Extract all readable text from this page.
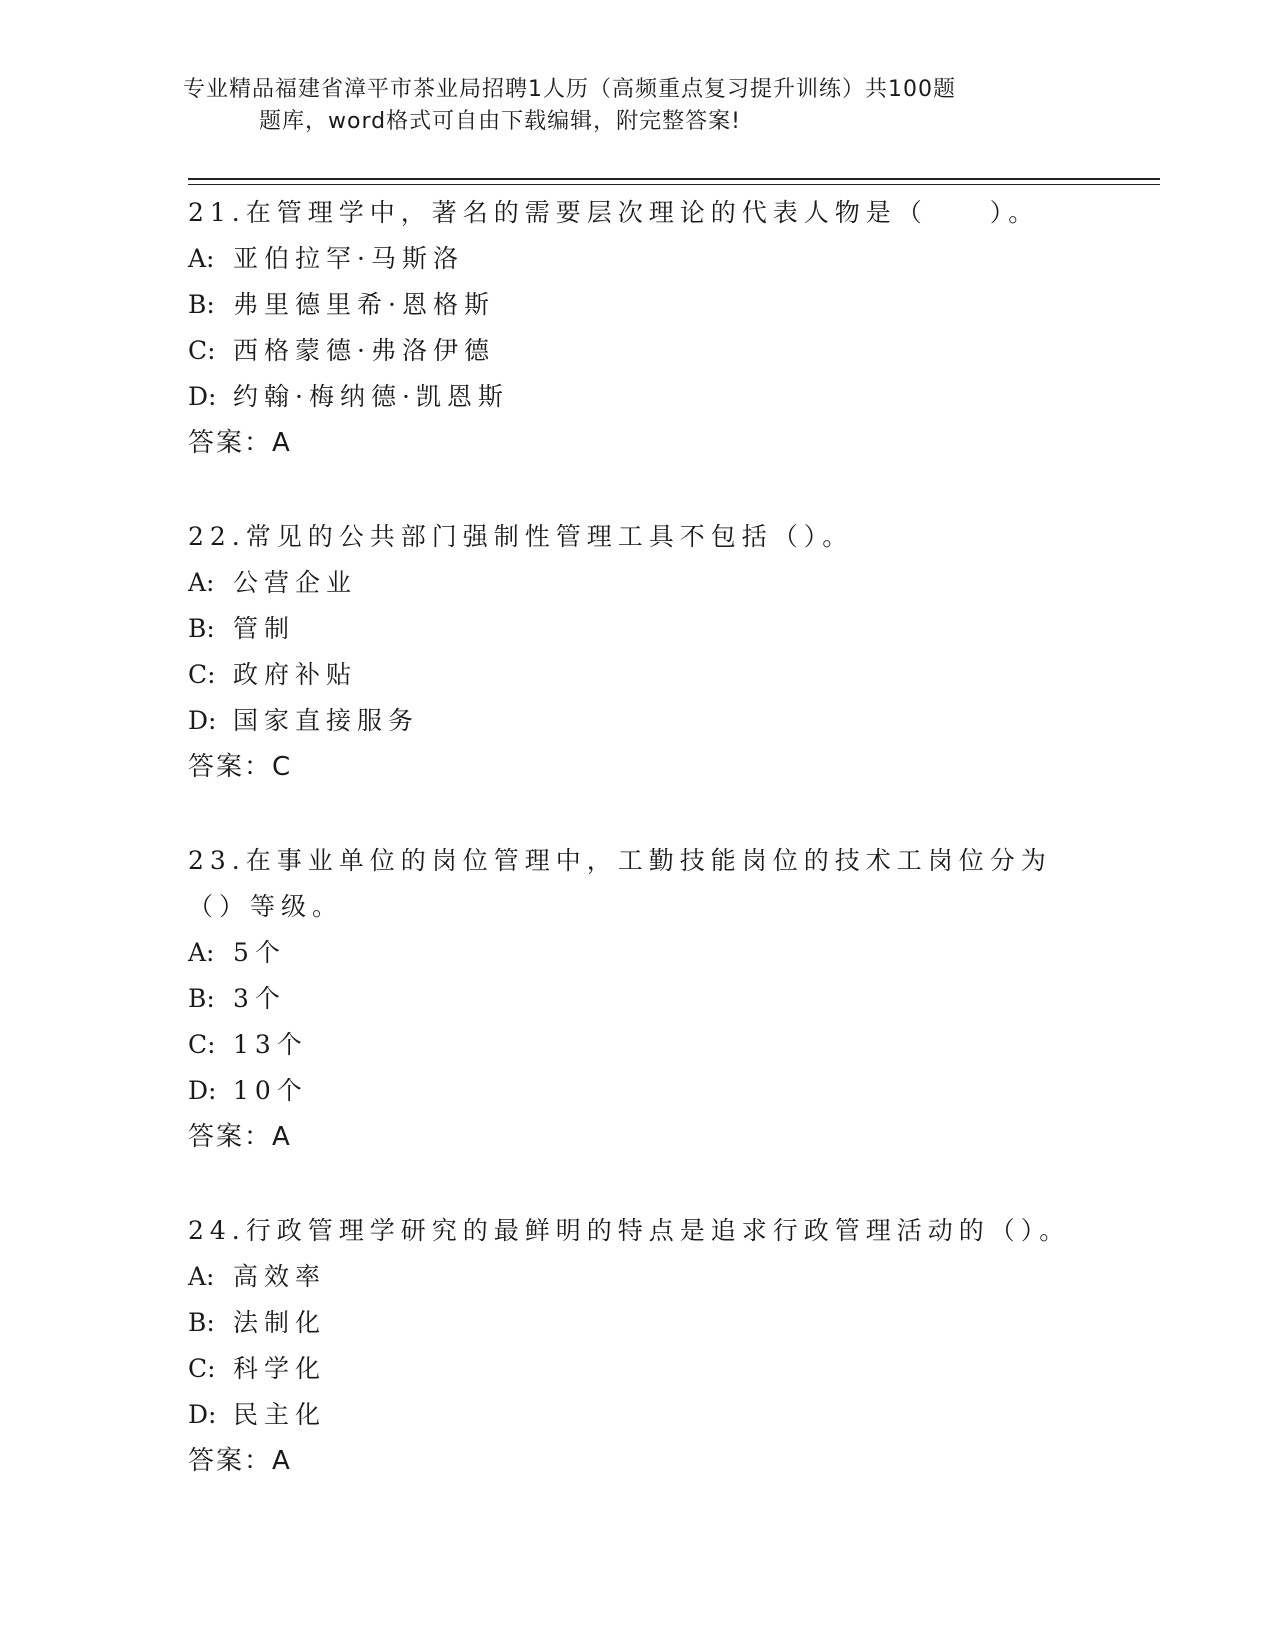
专业精品福建省漳平市茶业局招聘1人历（高频重点复习提升训练）共100题
题库，word格式可自由下载编辑，附完整答案!
21.在管理学中，著名的需要层次理论的代表人物是（　　）。
A: 亚伯拉罕·马斯洛
B: 弗里德里希·恩格斯
C: 西格蒙德·弗洛伊德
D: 约翰·梅纳德·凯恩斯
答案：A
22.常见的公共部门强制性管理工具不包括（）。
A: 公营企业
B: 管制
C: 政府补贴
D: 国家直接服务
答案：C
23.在事业单位的岗位管理中，工勤技能岗位的技术工岗位分为（）等级。
A: 5个
B: 3个
C: 13个
D: 10个
答案：A
24.行政管理学研究的最鲜明的特点是追求行政管理活动的（）。
A: 高效率
B: 法制化
C: 科学化
D: 民主化
答案：A
